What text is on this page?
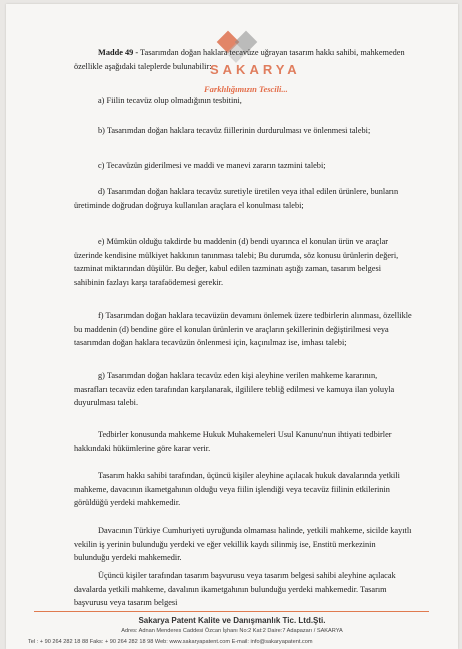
SAKARYA
Farklılığımızın Tescili...

Madde 49 - Tasarımdan doğan haklara tecavüze uğrayan tasarım hakkı sahibi, mahkemeden özellikle aşağıdaki taleplerde bulunabilir:

a) Fiilin tecavüz olup olmadığının tesbitini,

b) Tasarımdan doğan haklara tecavüz fiillerinin durdurulması ve önlenmesi talebi;

c) Tecavüzün giderilmesi ve maddi ve manevi zararın tazmini talebi;

d) Tasarımdan doğan haklara tecavüz suretiyle üretilen veya ithal edilen ürünlere, bunların üretiminde doğrudan doğruya kullanılan araçlara el konulması talebi;

e) Mümkün olduğu takdirde bu maddenin (d) bendi uyarınca el konulan ürün ve araçlar üzerinde kendisine mülkiyet hakkının tanınması talebi; Bu durumda, söz konusu ürünlerin değeri, tazminat miktarından düşülür. Bu değer, kabul edilen tazminatı aştığı zaman, tasarım belgesi sahibinin fazlayı karşı tarafaödemesi gerekir.

f) Tasarımdan doğan haklara tecavüzün devamını önlemek üzere tedbirlerin alınması, özellikle bu maddenin (d) bendine göre el konulan ürünlerin ve araçların şekillerinin değiştirilmesi veya tasarımdan doğan haklara tecavüzün önlenmesi için, kaçınılmaz ise, imhası talebi;

g) Tasarımdan doğan haklara tecavüz eden kişi aleyhine verilen mahkeme kararının, masrafları tecavüz eden tarafından karşılanarak, ilgililere tebliğ edilmesi ve kamuya ilan yoluyla duyurulması talebi.

Tedbirler konusunda mahkeme Hukuk Muhakemeleri Usul Kanunu'nun ihtiyati tedbirler hakkındaki hükümlerine göre karar verir.

Tasarım hakkı sahibi tarafından, üçüncü kişiler aleyhine açılacak hukuk davalarında yetkili mahkeme, davacının ikametgahının olduğu veya fiilin işlendiği veya tecavüz fiilinin etkilerinin görüldüğü yerdeki mahkemedir.

Davacının Türkiye Cumhuriyeti uyruğunda olmaması halinde, yetkili mahkeme, sicilde kayıtlı vekilin iş yerinin bulunduğu yerdeki ve eğer vekillik kaydı silinmiş ise, Enstitü merkezinin bulunduğu yerdeki mahkemedir.

Üçüncü kişiler tarafından tasarım başvurusu veya tasarım belgesi sahibi aleyhine açılacak davalarda yetkili mahkeme, davalının ikametgahının bulunduğu yerdeki mahkemedir. Tasarım başvurusu veya tasarım belgesi

Sakarya Patent Kalite ve Danışmanlık Tic. Ltd.Şti.
Adres: Adnan Menderes Caddesi Özcan İşhanı No:2 Kat:2 Daire:7 Adapazarı / SAKARYA
Tel : + 90 264 282 18 88 Faks: + 90 264 282 18 98 Web: www.sakaryapatent.com E-mail: info@sakaryapatent.com
